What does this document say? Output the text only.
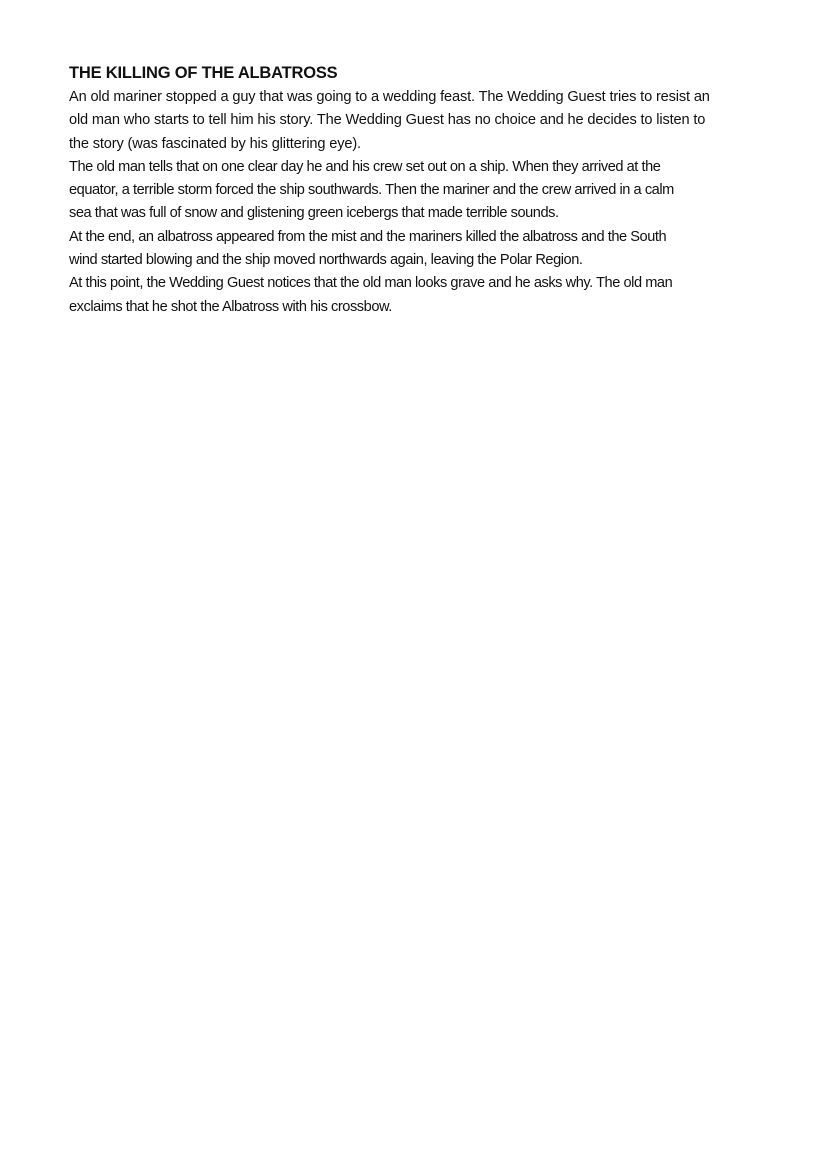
THE KILLING OF THE ALBATROSS
An old mariner stopped a guy that was going to a wedding feast. The Wedding Guest tries to resist an
old man who starts to tell him his story. The Wedding Guest has no choice and he decides to listen to
the story (was fascinated by his glittering eye).
The old man tells that on one clear day he and his crew set out on a ship. When they arrived at the
equator, a terrible storm forced the ship southwards. Then the mariner and the crew arrived in a calm
sea that was full of snow and glistening green icebergs that made terrible sounds.
At the end, an albatross appeared from the mist and the mariners killed the albatross and the South
wind started blowing and the ship moved northwards again, leaving the Polar Region.
At this point, the Wedding Guest notices that the old man looks grave and he asks why. The old man
exclaims that he shot the Albatross with his crossbow.
